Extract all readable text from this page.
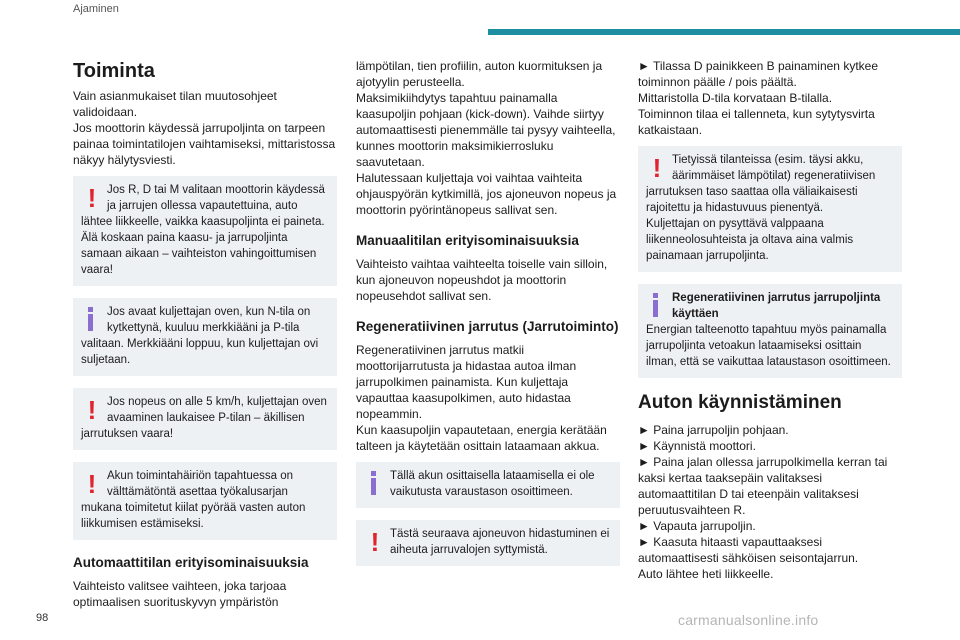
Ajaminen
Toiminta

Vain asianmukaiset tilan muutosohjeet validoidaan.

Jos moottorin käydessä jarrupoljinta on tarpeen painaa toimintatilojen vaihtamiseksi, mittaristossa näkyy hälytysviesti.

! Jos R, D tai M valitaan moottorin käydessä ja jarrujen ollessa vapautettuina, auto lähtee liikkeelle, vaikka kaasupoljinta ei paineta.
Älä koskaan paina kaasu- ja jarrupoljinta samaan aikaan – vaihteiston vahingoittumisen vaara!
Jos avaat kuljettajan oven, kun N-tila on kytkettynä, kuuluu merkkiääni ja P-tila valitaan. Merkkiääni loppuu, kun kuljettajan ovi suljetaan.
! Jos nopeus on alle 5 km/h, kuljettajan oven avaaminen laukaisee P-tilan – äkillisen jarrutuksen vaara!
! Akun toimintahäiriön tapahtuessa on välttämätöntä asettaa työkalusarjan mukana toimitetut kiilat pyörää vasten auton liikkumisen estämiseksi.
Automaattitilan erityisominaisuuksia

Vaihteisto valitsee vaihteen, joka tarjoaa optimaalisen suorituskyvyn ympäristön

lämpötilan, tien profiilin, auton kuormituksen ja ajotyylin perusteella.

Maksimikiihdytys tapahtuu painamalla kaasupoljin pohjaan (kick-down). Vaihde siirtyy automaattisesti pienemmälle tai pysyy vaihteella, kunnes moottorin maksimikierrosluku saavutetaan.

Halutessaan kuljettaja voi vaihtaa vaihteita ohjauspyörän kytkimillä, jos ajoneuvon nopeus ja moottorin pyörintänopeus sallivat sen.

Manuaalitilan erityisominaisuuksia

Vaihteisto vaihtaa vaihteelta toiselle vain silloin, kun ajoneuvon nopeushdot ja moottorin nopeusehdot sallivat sen.

Regeneratiivinen jarrutus (Jarrutoiminto)

Regeneratiivinen jarrutus matkii moottorijarrutusta ja hidastaa autoa ilman jarrupolkimen painamista. Kun kuljettaja vapauttaa kaasupolkimen, auto hidastaa nopeammin.

Kun kaasupoljin vapautetaan, energia kerätään talteen ja käytetään osittain lataamaan akkua.

Tällä akun osittaisella lataamisella ei ole vaikutusta varaustason osoittimeen.
! Tästä seuraava ajoneuvon hidastuminen ei aiheuta jarruvalojen syttymistä.

► Tilassa D painikkeen B painaminen kytkee toiminnon päälle / pois päältä.

Mittaristolla D-tila korvataan B-tilalla.

Toiminnon tilaa ei tallenneta, kun sytytysvirta katkaistaan.

! Tietyissä tilanteissa (esim. täysi akku, äärimmäiset lämpötilat) regeneratiivisen jarrutuksen taso saattaa olla väliaikaisesti rajoitettu ja hidastuvuus pienentyä.
Kuljettajan on pysyttävä valppaana liikenneolosuhteista ja oltava aina valmis painamaan jarrupoljinta.
Regeneratiivinen jarrutus jarrupoljinta käyttäen
Energian talteenotto tapahtuu myös painamalla jarrupoljinta vetoakun lataamiseksi osittain ilman, että se vaikuttaa lataustason osoittimeen.
Auton käynnistäminen
► Paina jarrupoljin pohjaan.
► Käynnistä moottori.
► Paina jalan ollessa jarrupolkimella kerran tai kaksi kertaa taaksepäin valitaksesi automaattitilan D tai eteenpäin valitaksesi peruutusvaihteen R.
► Vapauta jarrupoljin.
► Kaasuta hitaasti vapauttaaksesi automaattisesti sähköisen seisontajarrun.
Auto lähtee heti liikkeelle.
98	carmanualsonline.info
